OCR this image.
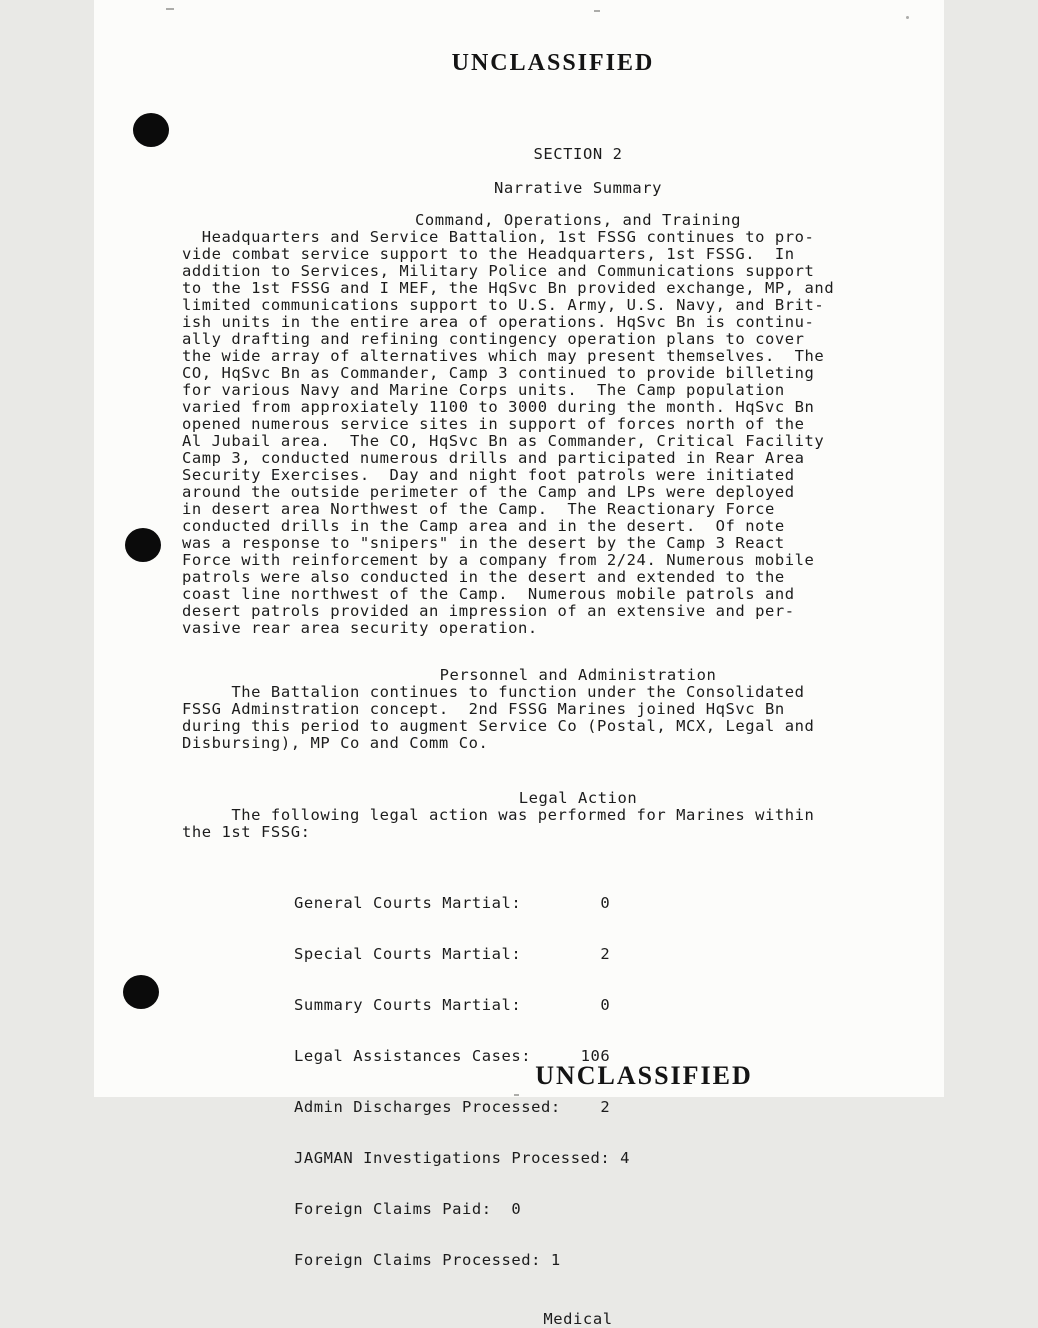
UNCLASSIFIED
SECTION 2
Narrative Summary
Command, Operations, and Training
Headquarters and Service Battalion, 1st FSSG continues to pro-
vide combat service support to the Headquarters, 1st FSSG.  In
addition to Services, Military Police and Communications support
to the 1st FSSG and I MEF, the HqSvc Bn provided exchange, MP, and
limited communications support to U.S. Army, U.S. Navy, and Brit-
ish units in the entire area of operations. HqSvc Bn is continu-
ally drafting and refining contingency operation plans to cover
the wide array of alternatives which may present themselves.  The
CO, HqSvc Bn as Commander, Camp 3 continued to provide billeting
for various Navy and Marine Corps units.  The Camp population
varied from approxiately 1100 to 3000 during the month. HqSvc Bn
opened numerous service sites in support of forces north of the
Al Jubail area.  The CO, HqSvc Bn as Commander, Critical Facility
Camp 3, conducted numerous drills and participated in Rear Area
Security Exercises.  Day and night foot patrols were initiated
around the outside perimeter of the Camp and LPs were deployed
in desert area Northwest of the Camp.  The Reactionary Force
conducted drills in the Camp area and in the desert.  Of note
was a response to "snipers" in the desert by the Camp 3 React
Force with reinforcement by a company from 2/24. Numerous mobile
patrols were also conducted in the desert and extended to the
coast line northwest of the Camp.  Numerous mobile patrols and
desert patrols provided an impression of an extensive and per-
vasive rear area security operation.
Personnel and Administration
The Battalion continues to function under the Consolidated
FSSG Adminstration concept.  2nd FSSG Marines joined HqSvc Bn
during this period to augment Service Co (Postal, MCX, Legal and
Disbursing), MP Co and Comm Co.
Legal Action
The following legal action was performed for Marines within
the 1st FSSG:

General Courts Martial:        0

Special Courts Martial:        2

Summary Courts Martial:        0

Legal Assistances Cases:     106

Admin Discharges Processed:    2

JAGMAN Investigations Processed: 4

Foreign Claims Paid:  0

Foreign Claims Processed: 1

Medical
UNCLASSIFIED
